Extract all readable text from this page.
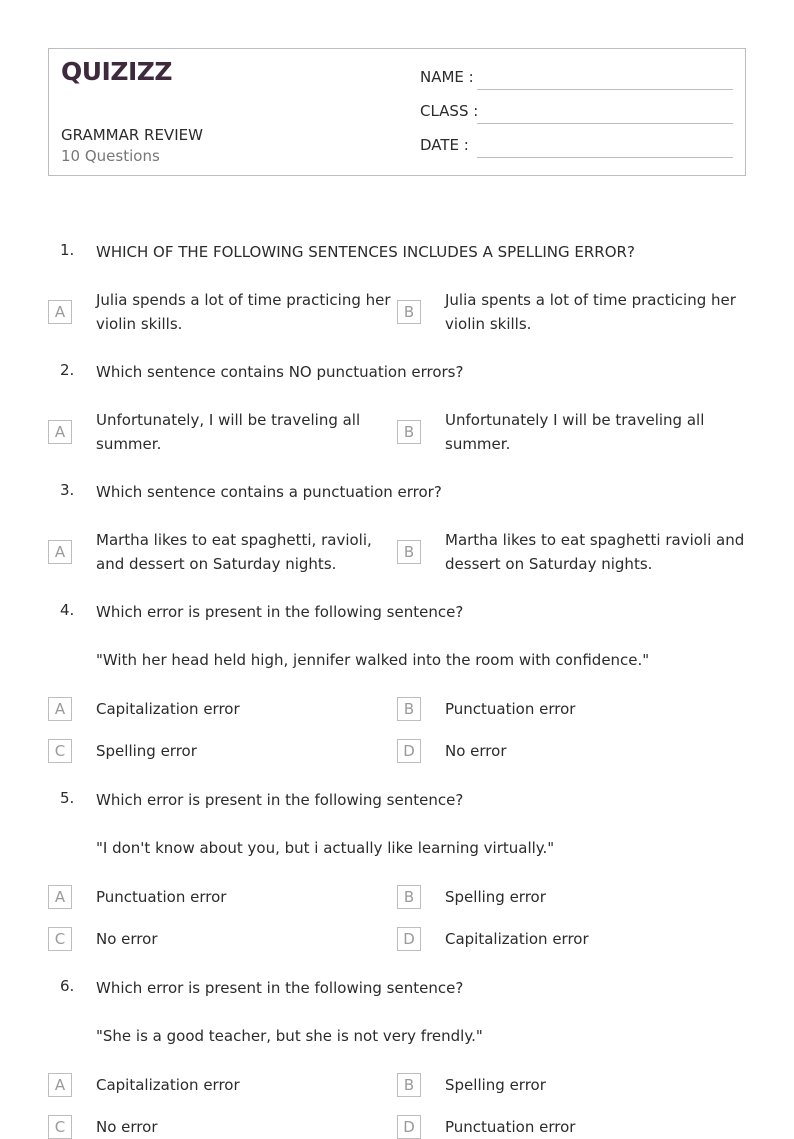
QUIZIZZ
GRAMMAR REVIEW
10 Questions
NAME :
CLASS :
DATE :
1. WHICH OF THE FOLLOWING SENTENCES INCLUDES A SPELLING ERROR?
A
Julia spends a lot of time practicing her violin skills.
B
Julia spents a lot of time practicing her violin skills.
2. Which sentence contains NO punctuation errors?
A
Unfortunately, I will be traveling all summer.
B
Unfortunately I will be traveling all summer.
3. Which sentence contains a punctuation error?
A
Martha likes to eat spaghetti, ravioli, and dessert on Saturday nights.
B
Martha likes to eat spaghetti ravioli and dessert on Saturday nights.
4. Which error is present in the following sentence?
"With her head held high, jennifer walked into the room with confidence."
A	Capitalization error	B	Punctuation error
C	Spelling error	D	No error
5. Which error is present in the following sentence?
"I don't know about you, but i actually like learning virtually."
A	Punctuation error	B	Spelling error
C	No error	D	Capitalization error
6. Which error is present in the following sentence?
"She is a good teacher, but she is not very frendly."
A	Capitalization error	B	Spelling error
C	No error	D	Punctuation error
